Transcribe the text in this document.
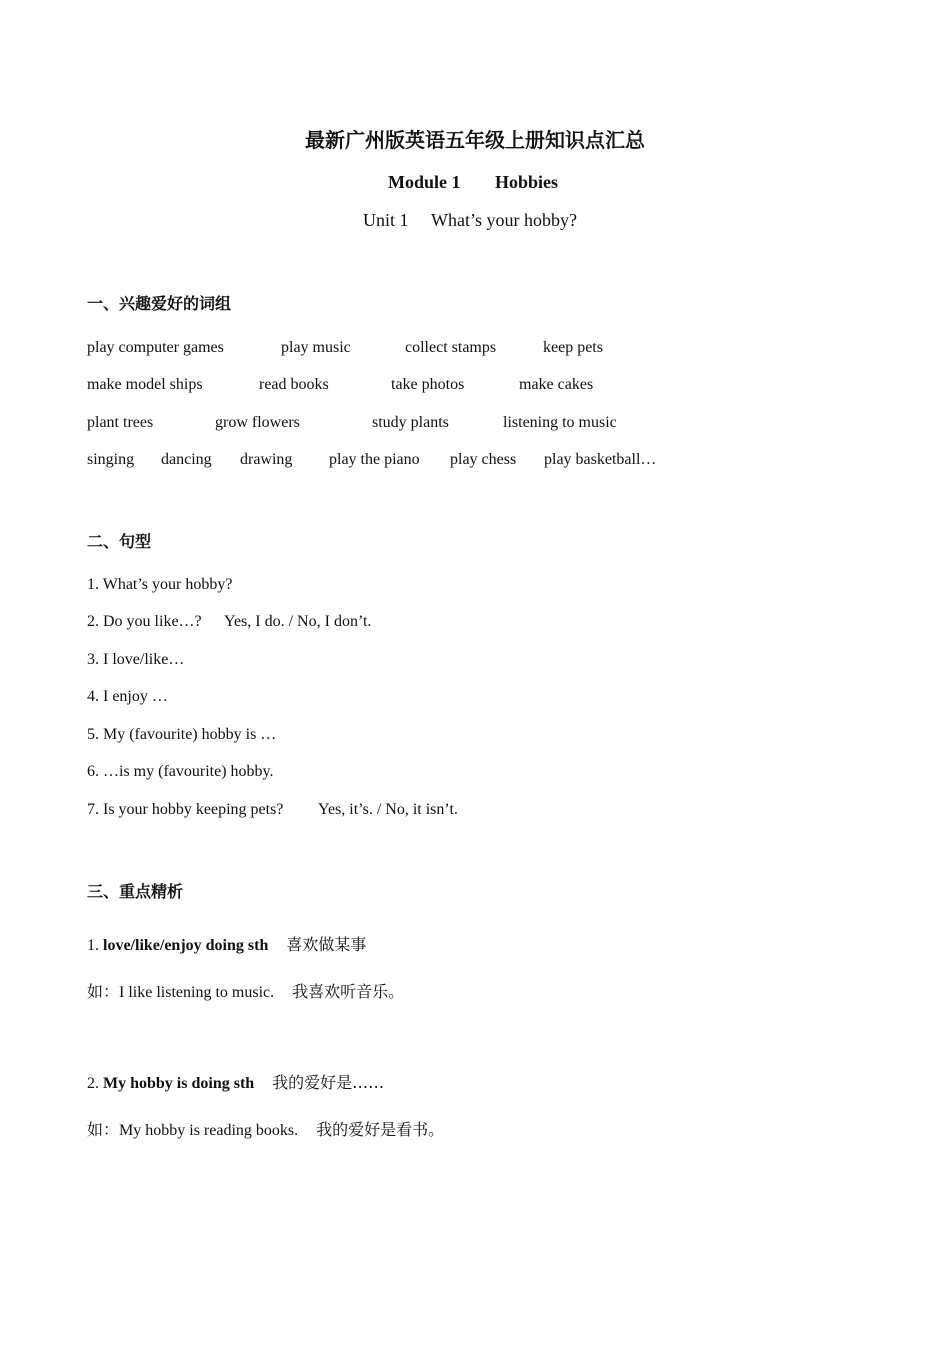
最新广州版英语五年级上册知识点汇总
Module 1 Hobbies
Unit 1 What’s your hobby?
一、兴趣爱好的词组
play computer games	play music	collect stamps	keep pets
make model ships	read books	take photos	make cakes
plant trees	grow flowers	study plants	listening to music
singing dancing drawing play the piano play chess play basketball…
二、句型
1. What’s your hobby?
2. Do you like…? Yes, I do. / No, I don’t.
3. I love/like…
4. I enjoy …
5. My (favourite) hobby is …
6. …is my (favourite) hobby.
7. Is your hobby keeping pets? Yes, it’s. / No, it isn’t.
三、重点精析
1. love/like/enjoy doing sth 喜欢做某事
如：I like listening to music. 我喜欢听音乐。
2. My hobby is doing sth 我的爱好是……
如：My hobby is reading books. 我的爱好是看书。
